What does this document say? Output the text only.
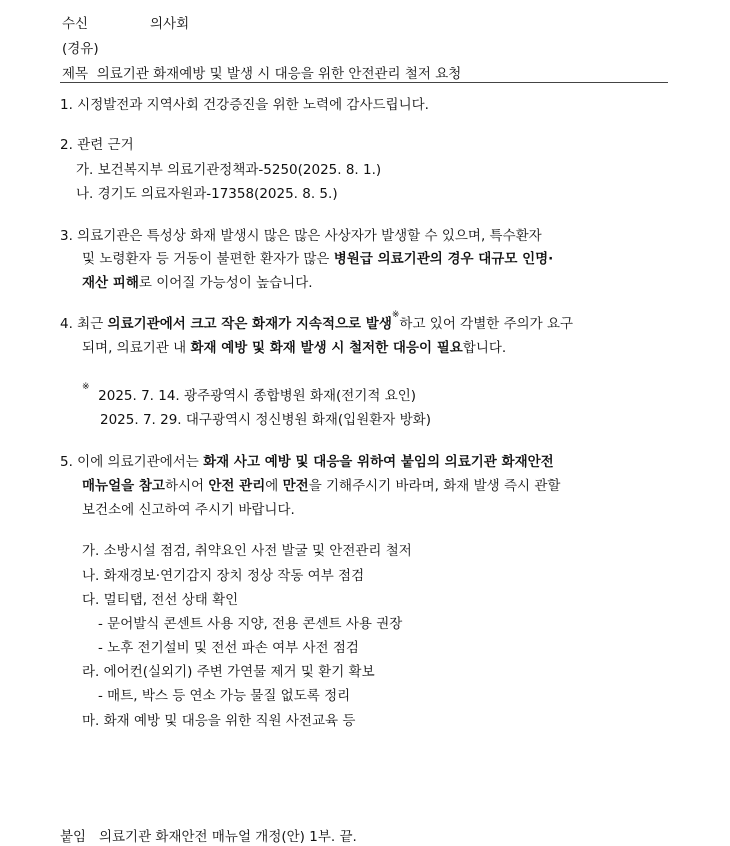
수신	의사회
(경유)
제목 의료기관 화재예방 및 발생 시 대응을 위한 안전관리 철저 요청
1. 시정발전과 지역사회 건강증진을 위한 노력에 감사드립니다.
2. 관련 근거
가. 보건복지부 의료기관정책과-5250(2025. 8. 1.)
나. 경기도 의료자원과-17358(2025. 8. 5.)
3. 의료기관은 특성상 화재 발생시 많은 많은 사상자가 발생할 수 있으며, 특수환자
및 노령환자 등 거동이 불편한 환자가 많은 병원급 의료기관의 경우 대규모 인명·
재산 피해로 이어질 가능성이 높습니다.
4. 최근 의료기관에서 크고 작은 화재가 지속적으로 발생※하고 있어 각별한 주의가 요구
되며, 의료기관 내 화재 예방 및 화재 발생 시 철저한 대응이 필요합니다.
※  2025. 7. 14. 광주광역시 종합병원 화재(전기적 요인)
2025. 7. 29. 대구광역시 정신병원 화재(입원환자 방화)
5. 이에 의료기관에서는 화재 사고 예방 및 대응을 위하여 붙임의 의료기관 화재안전
매뉴얼을 참고하시어 안전 관리에 만전을 기해주시기 바라며, 화재 발생 즉시 관할
보건소에 신고하여 주시기 바랍니다.
가. 소방시설 점검, 취약요인 사전 발굴 및 안전관리 철저
나. 화재경보·연기감지 장치 정상 작동 여부 점검
다. 멀티탭, 전선 상태 확인
- 문어발식 콘센트 사용 지양, 전용 콘센트 사용 권장
- 노후 전기설비 및 전선 파손 여부 사전 점검
라. 에어컨(실외기) 주변 가연물 제거 및 환기 확보
- 매트, 박스 등 연소 가능 물질 없도록 정리
마. 화재 예방 및 대응을 위한 직원 사전교육 등
붙임 의료기관 화재안전 매뉴얼 개정(안) 1부. 끝.
